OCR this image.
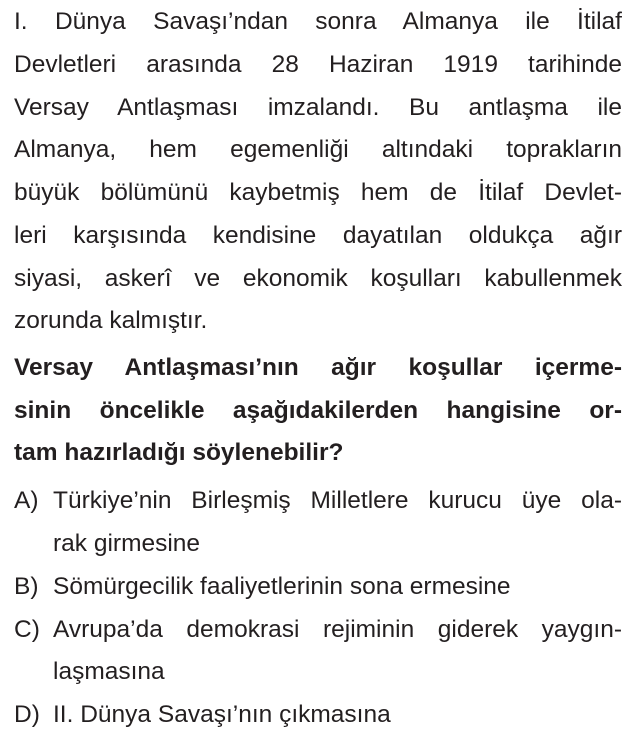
I. Dünya Savaşı’ndan sonra Almanya ile İtilaf
Devletleri arasında 28 Haziran 1919 tarihinde
Versay Antlaşması imzalandı. Bu antlaşma ile
Almanya, hem egemenliği altındaki toprakların
büyük bölümünü kaybetmiş hem de İtilaf Devlet-
leri karşısında kendisine dayatılan oldukça ağır
siyasi, askerî ve ekonomik koşulları kabullenmek
zorunda kalmıştır.
Versay Antlaşması’nın ağır koşullar içerme-
sinin öncelikle aşağıdakilerden hangisine or-
tam hazırladığı söylenebilir?
A) Türkiye’nin Birleşmiş Milletlere kurucu üye ola-
rak girmesine
B) Sömürgecilik faaliyetlerinin sona ermesine
C) Avrupa’da demokrasi rejiminin giderek yaygın-
laşmasına
D) II. Dünya Savaşı’nın çıkmasına
